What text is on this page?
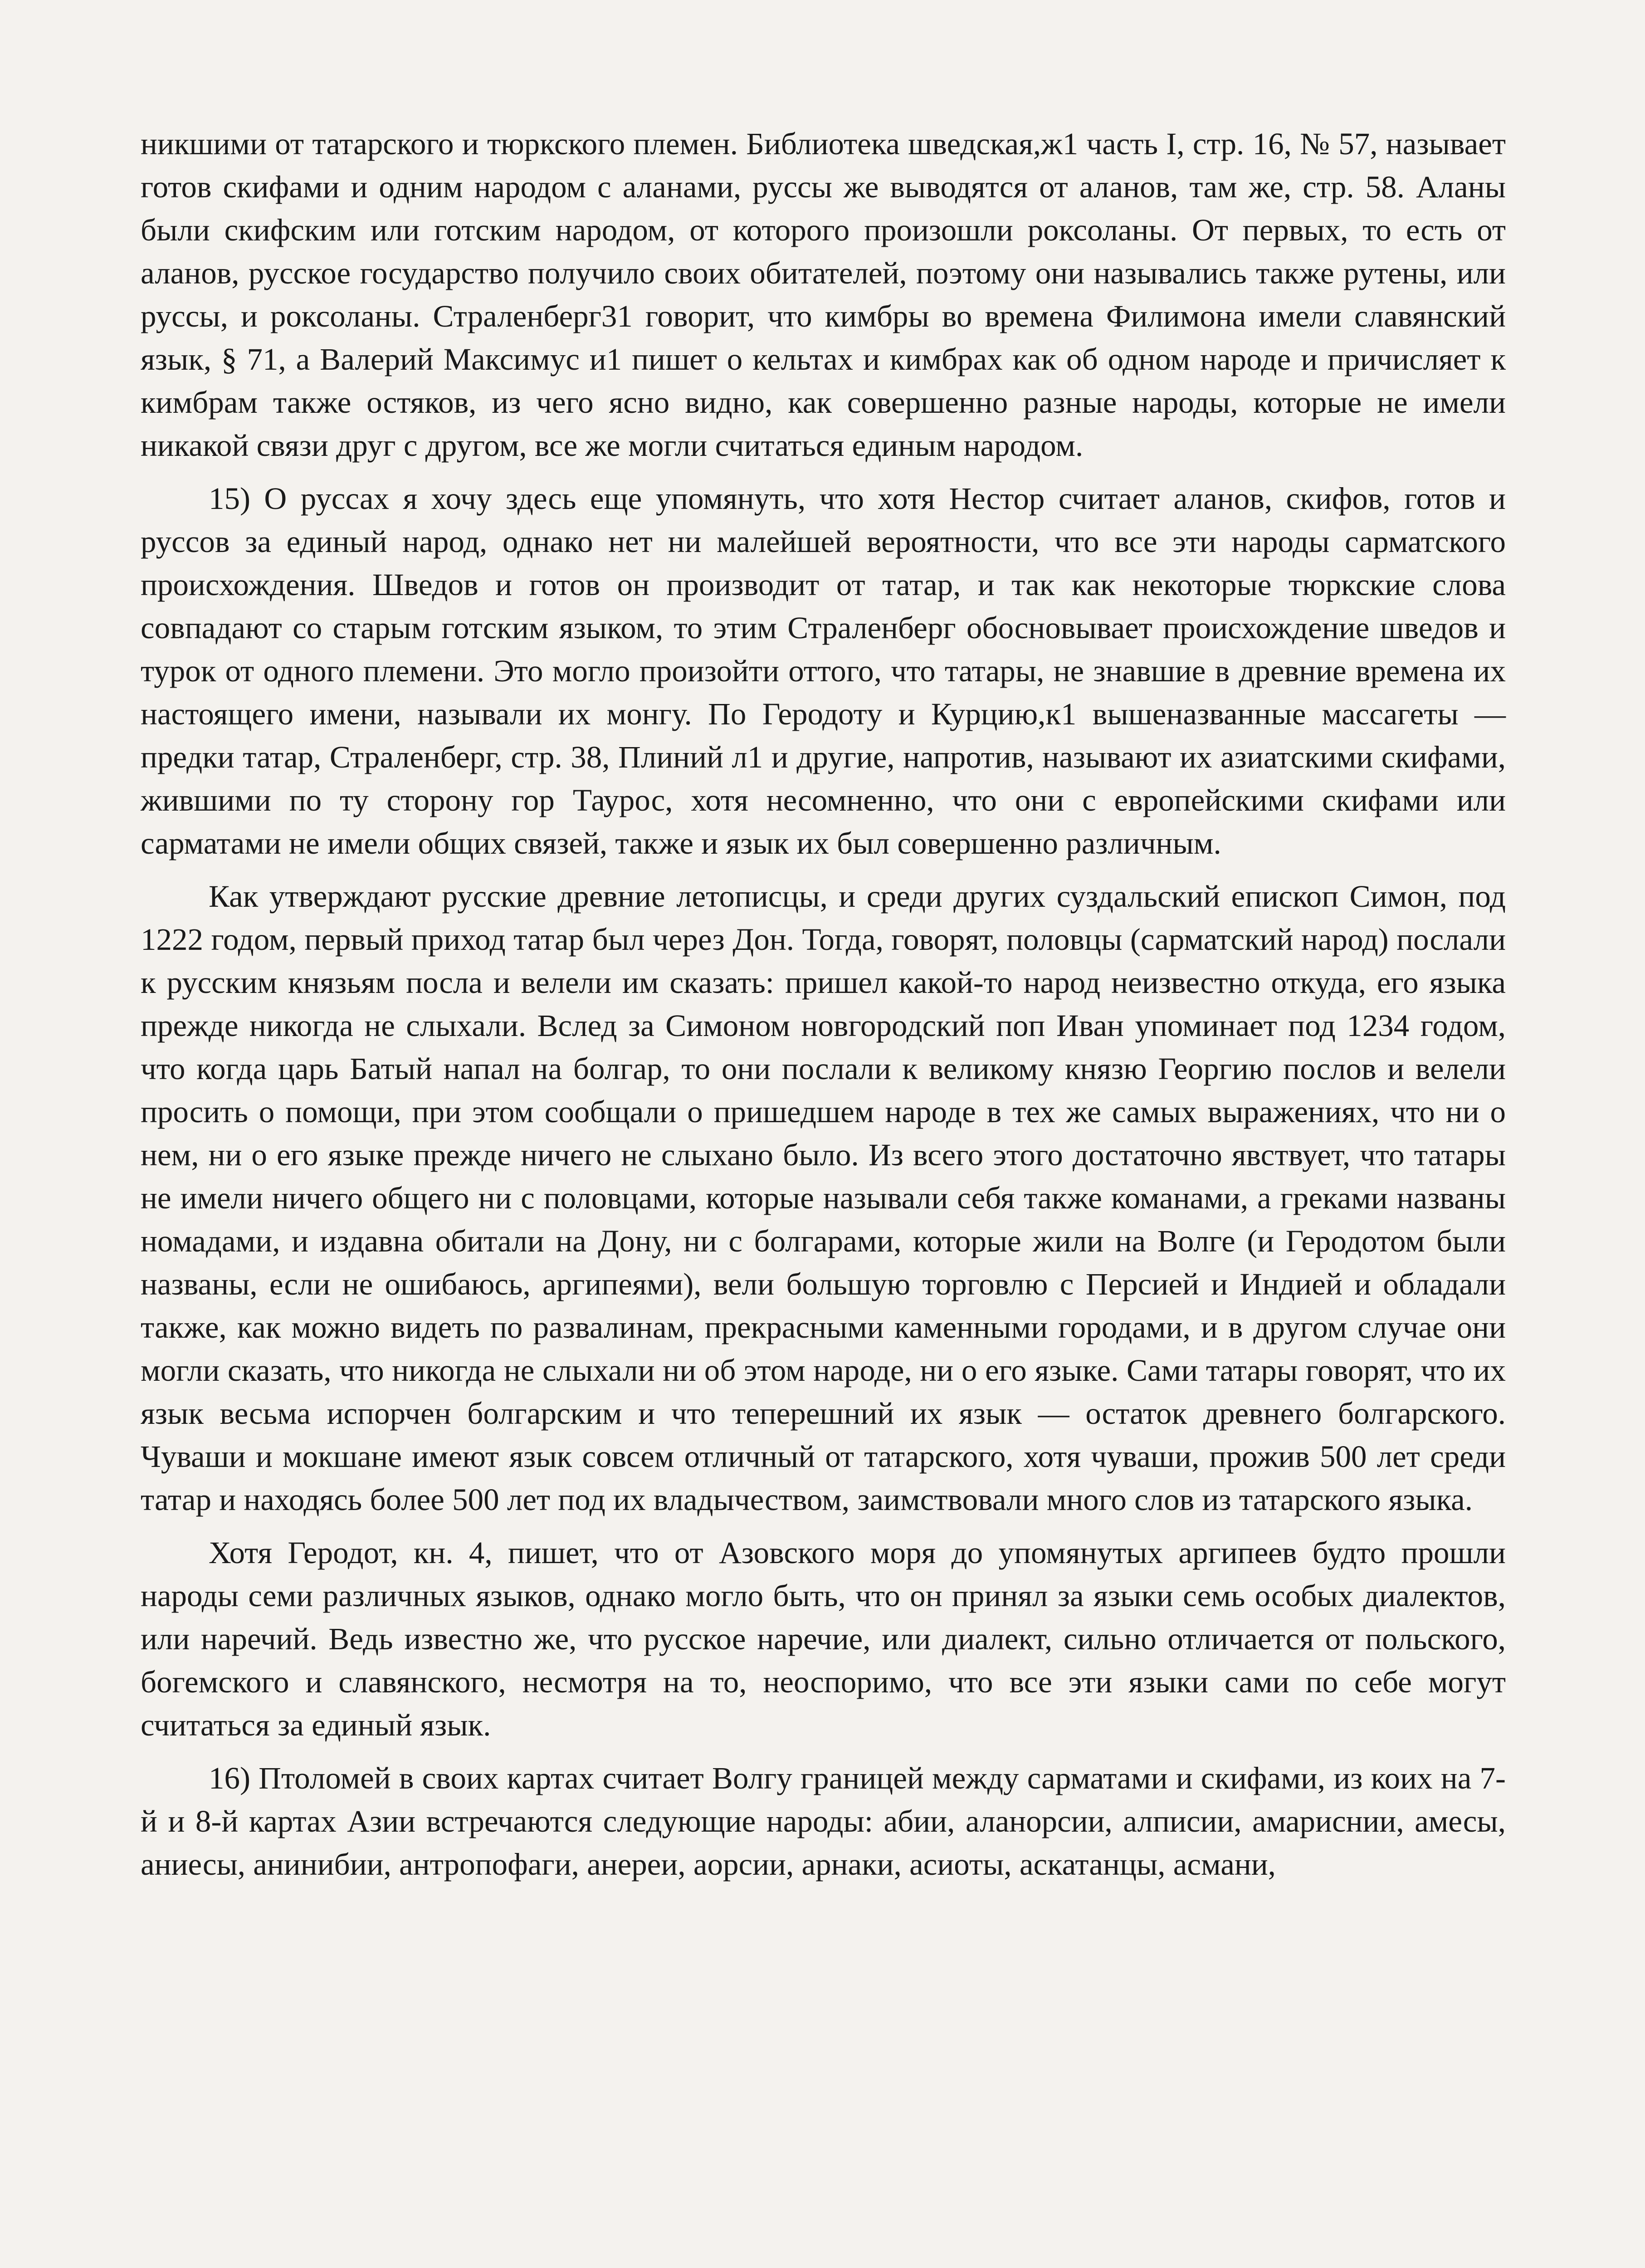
никшими от татарского и тюркского племен. Библиотека шведская,ж1 часть I, стр. 16, № 57, называет готов скифами и одним народом с аланами, руссы же выводятся от аланов, там же, стр. 58. Аланы были скифским или готским народом, от которого произошли роксоланы. От первых, то есть от аланов, русское государство получило своих обитателей, поэтому они назывались также рутены, или руссы, и роксоланы. Страленберг31 говорит, что кимбры во времена Филимона имели славянский язык, § 71, а Валерий Максимус и1 пишет о кельтах и кимбрах как об одном народе и причисляет к кимбрам также остяков, из чего ясно видно, как совершенно разные народы, которые не имели никакой связи друг с другом, все же могли считаться единым народом.

15) О руссах я хочу здесь еще упомянуть, что хотя Нестор считает аланов, скифов, готов и руссов за единый народ, однако нет ни малейшей вероятности, что все эти народы сарматского происхождения. Шведов и готов он производит от татар, и так как некоторые тюркские слова совпадают со старым готским языком, то этим Страленберг обосновывает происхождение шведов и турок от одного племени. Это могло произойти оттого, что татары, не знавшие в древние времена их настоящего имени, называли их монгу. По Геродоту и Курцию,к1 вышеназванные массагеты — предки татар, Страленберг, стр. 38, Плиний л1 и другие, напротив, называют их азиатскими скифами, жившими по ту сторону гор Таурос, хотя несомненно, что они с европейскими скифами или сарматами не имели общих связей, также и язык их был совершенно различным.

Как утверждают русские древние летописцы, и среди других суздальский епископ Симон, под 1222 годом, первый приход татар был через Дон. Тогда, говорят, половцы (сарматский народ) послали к русским князьям посла и велели им сказать: пришел какой-то народ неизвестно откуда, его языка прежде никогда не слыхали. Вслед за Симоном новгородский поп Иван упоминает под 1234 годом, что когда царь Батый напал на болгар, то они послали к великому князю Георгию послов и велели просить о помощи, при этом сообщали о пришедшем народе в тех же самых выражениях, что ни о нем, ни о его языке прежде ничего не слыхано было. Из всего этого достаточно явствует, что татары не имели ничего общего ни с половцами, которые называли себя также команами, а греками названы номадами, и издавна обитали на Дону, ни с болгарами, которые жили на Волге (и Геродотом были названы, если не ошибаюсь, аргипеями), вели большую торговлю с Персией и Индией и обладали также, как можно видеть по развалинам, прекрасными каменными городами, и в другом случае они могли сказать, что никогда не слыхали ни об этом народе, ни о его языке. Сами татары говорят, что их язык весьма испорчен болгарским и что теперешний их язык — остаток древнего болгарского. Чуваши и мокшане имеют язык совсем отличный от татарского, хотя чуваши, прожив 500 лет среди татар и находясь более 500 лет под их владычеством, заимствовали много слов из татарского языка.

Хотя Геродот, кн. 4, пишет, что от Азовского моря до упомянутых аргипеев будто прошли народы семи различных языков, однако могло быть, что он принял за языки семь особых диалектов, или наречий. Ведь известно же, что русское наречие, или диалект, сильно отличается от польского, богемского и славянского, несмотря на то, неоспоримо, что все эти языки сами по себе могут считаться за единый язык.

16) Птоломей в своих картах считает Волгу границей между сарматами и скифами, из коих на 7-й и 8-й картах Азии встречаются следующие народы: абии, аланорсии, алписии, амариснии, амесы, аниесы, анинибии, антропофаги, анереи, аорсии, арнаки, асиоты, аскатанцы, асмани,
